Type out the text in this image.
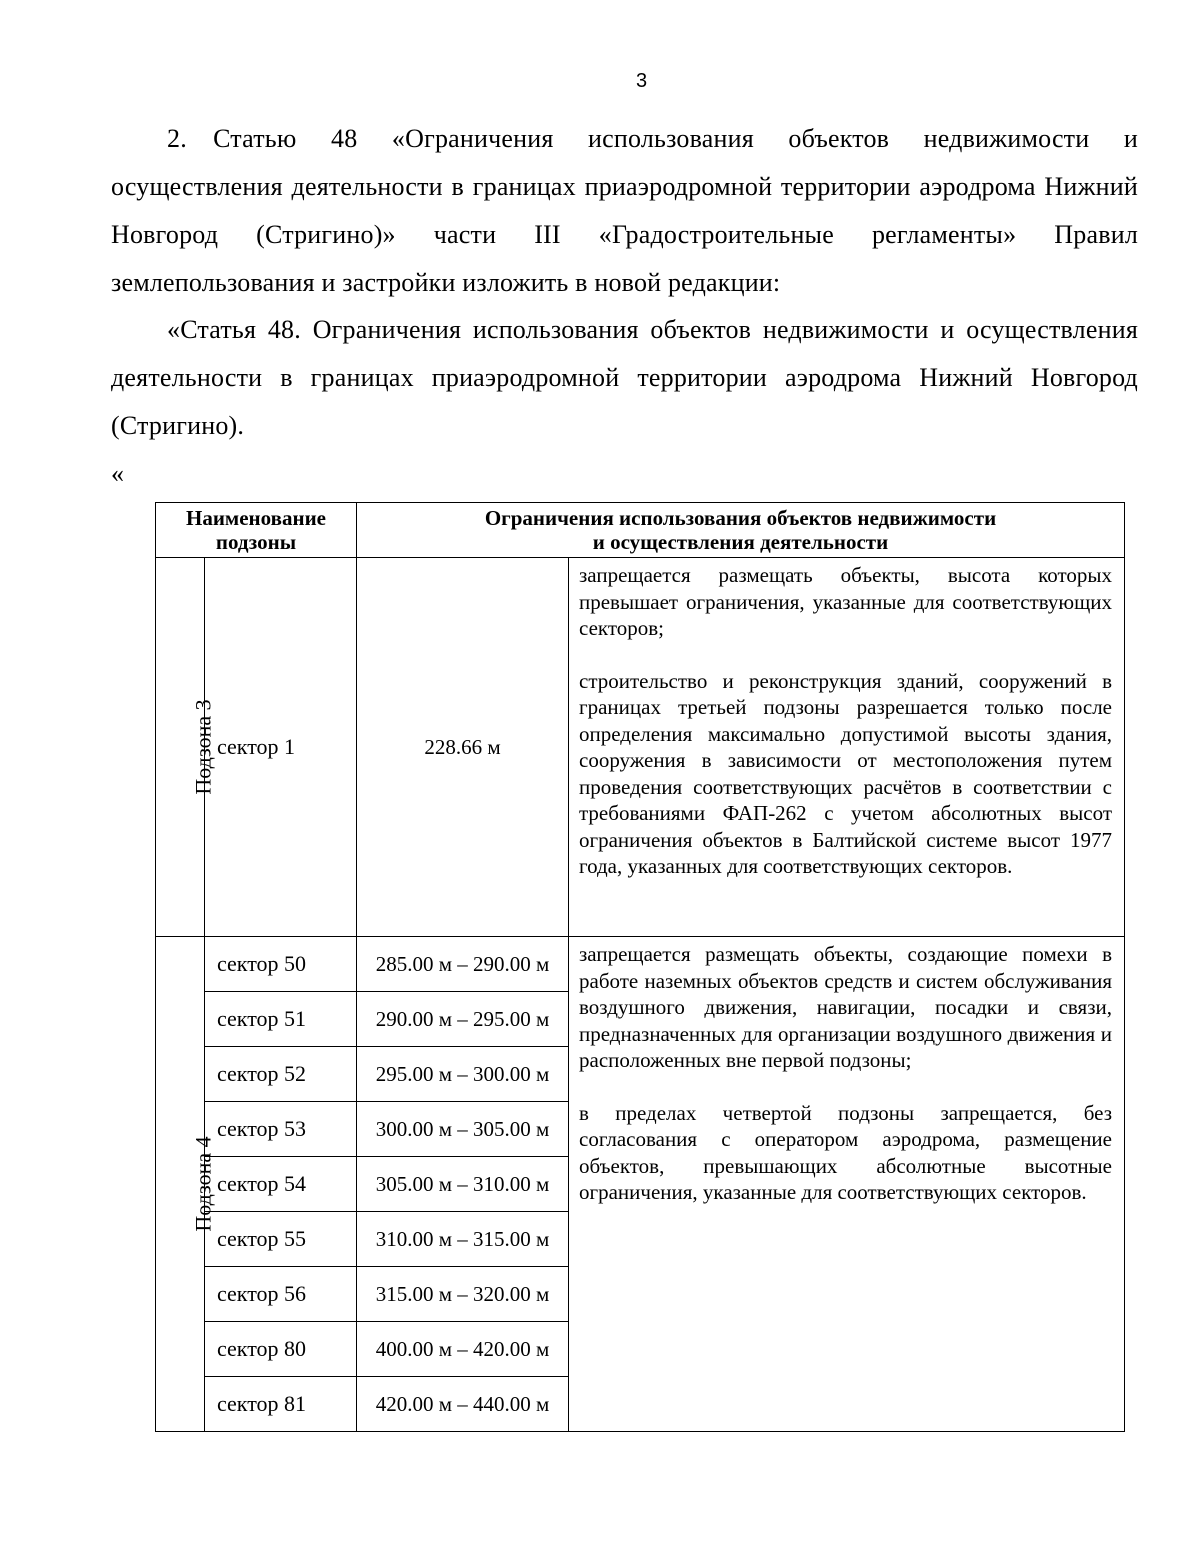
3
2. Статью 48 «Ограничения использования объектов недвижимости и осуществления деятельности в границах приаэродромной территории аэродрома Нижний Новгород (Стригино)» части III «Градостроительные регламенты» Правил землепользования и застройки изложить в новой редакции:
«Статья 48. Ограничения использования объектов недвижимости и осуществления деятельности в границах приаэродромной территории аэродрома Нижний Новгород (Стригино).
«
Наименование подзоны		Ограничения использования объектов недвижимости
и осуществления деятельности	

Подзона 3	сектор 1	228.66 м	запрещается размещать объекты, высота которых превышает ограничения, указанные для соответствующих секторов;

строительство и реконструкция зданий, сооружений в границах третьей подзоны разрешается только после определения максимально допустимой высоты здания, сооружения в зависимости от местоположения путем проведения соответствующих расчётов в соответствии с требованиями ФАП-262 с учетом абсолютных высот ограничения объектов в Балтийской системе высот 1977 года, указанных для соответствующих секторов.

Подзона 4	сектор 50	285.00 м – 290.00 м	запрещается размещать объекты, создающие помехи в работе наземных объектов средств и систем обслуживания воздушного движения, навигации, посадки и связи, предназначенных для организации воздушного движения и расположенных вне первой подзоны;

в пределах четвертой подзоны запрещается, без согласования с оператором аэродрома, размещение объектов, превышающих абсолютные высотные ограничения, указанные для соответствующих секторов.

	сектор 51	290.00 м – 295.00 м	
	сектор 52	295.00 м – 300.00 м	
	сектор 53	300.00 м – 305.00 м	
	сектор 54	305.00 м – 310.00 м	
	сектор 55	310.00 м – 315.00 м	
	сектор 56	315.00 м – 320.00 м	
	сектор 80	400.00 м – 420.00 м	
	сектор 81	420.00 м – 440.00 м	
